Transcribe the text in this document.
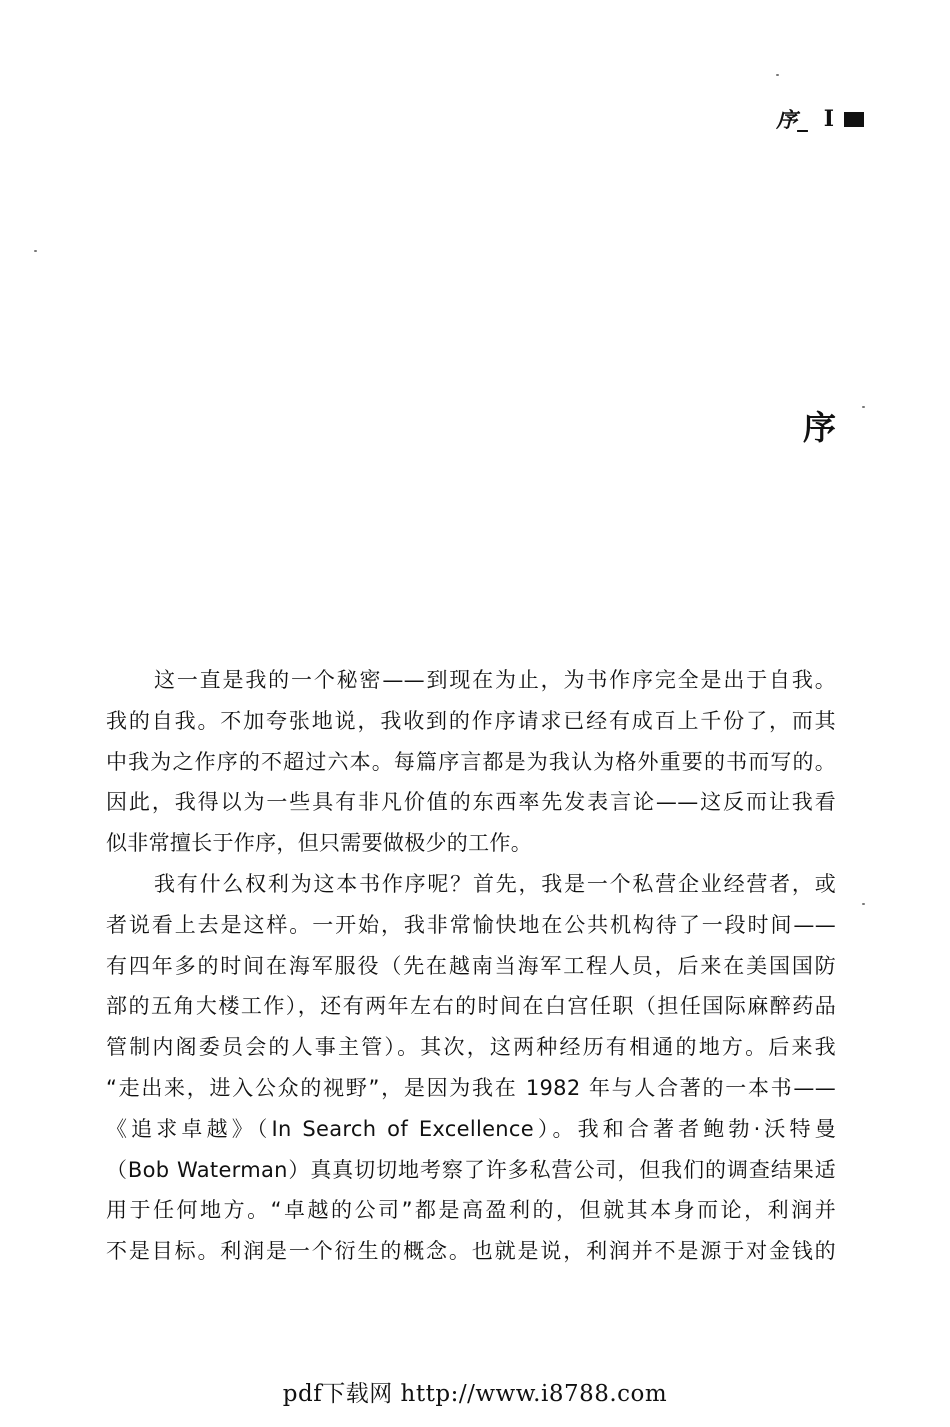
序_ I
序
这一直是我的一个秘密——到现在为止，为书作序完全是出于自我。
我的自我。不加夸张地说，我收到的作序请求已经有成百上千份了，而其
中我为之作序的不超过六本。每篇序言都是为我认为格外重要的书而写的。
因此，我得以为一些具有非凡价值的东西率先发表言论——这反而让我看
似非常擅长于作序，但只需要做极少的工作。
我有什么权利为这本书作序呢？首先，我是一个私营企业经营者，或
者说看上去是这样。一开始，我非常愉快地在公共机构待了一段时间——
有四年多的时间在海军服役（先在越南当海军工程人员，后来在美国国防
部的五角大楼工作），还有两年左右的时间在白宫任职（担任国际麻醉药品
管制内阁委员会的人事主管）。其次，这两种经历有相通的地方。后来我
“走出来，进入公众的视野”，是因为我在 1982 年与人合著的一本书——
《追求卓越》（In Search of Excellence）。我和合著者鲍勃·沃特曼
（Bob Waterman）真真切切地考察了许多私营公司，但我们的调查结果适
用于任何地方。“卓越的公司”都是高盈利的，但就其本身而论，利润并
不是目标。利润是一个衍生的概念。也就是说，利润并不是源于对金钱的
pdf下载网 http://www.i8788.com
